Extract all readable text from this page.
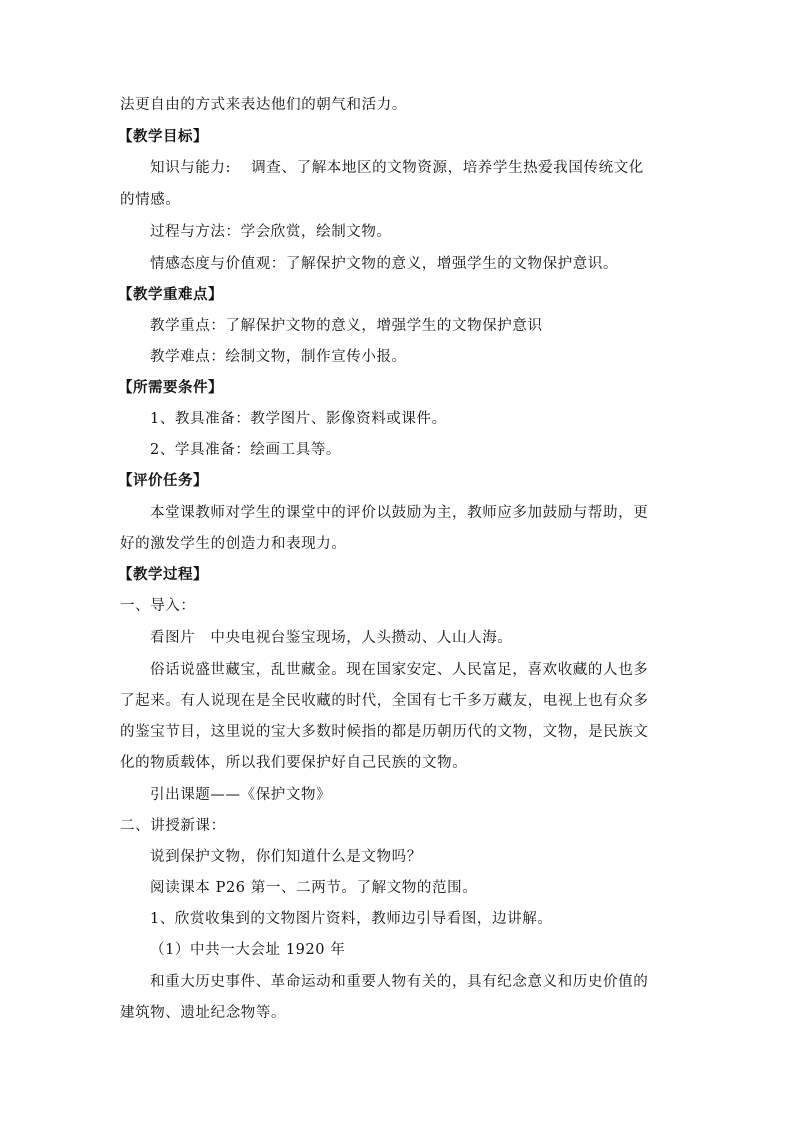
法更自由的方式来表达他们的朝气和活力。
【教学目标】
知识与能力:　 调查、了解本地区的文物资源，培养学生热爱我国传统文化
的情感。
过程与方法：学会欣赏，绘制文物。
情感态度与价值观：了解保护文物的意义，增强学生的文物保护意识。
【教学重难点】
教学重点：了解保护文物的意义，增强学生的文物保护意识
教学难点：绘制文物，制作宣传小报。
【所需要条件】
1、教具准备：教学图片、影像资料或课件。
2、学具准备：绘画工具等。
【评价任务】
本堂课教师对学生的课堂中的评价以鼓励为主，教师应多加鼓励与帮助，更
好的激发学生的创造力和表现力。
【教学过程】
一、导入：
看图片　中央电视台鉴宝现场，人头攒动、人山人海。
俗话说盛世藏宝，乱世藏金。现在国家安定、人民富足，喜欢收藏的人也多
了起来。有人说现在是全民收藏的时代，全国有七千多万藏友，电视上也有众多
的鉴宝节目，这里说的宝大多数时候指的都是历朝历代的文物，文物，是民族文
化的物质载体，所以我们要保护好自己民族的文物。
引出课题——《保护文物》
二、讲授新课：
说到保护文物，你们知道什么是文物吗？
阅读课本 P26 第一、二两节。了解文物的范围。
1、欣赏收集到的文物图片资料，教师边引导看图，边讲解。
（1）中共一大会址 1920 年
和重大历史事件、革命运动和重要人物有关的，具有纪念意义和历史价值的
建筑物、遗址纪念物等。
